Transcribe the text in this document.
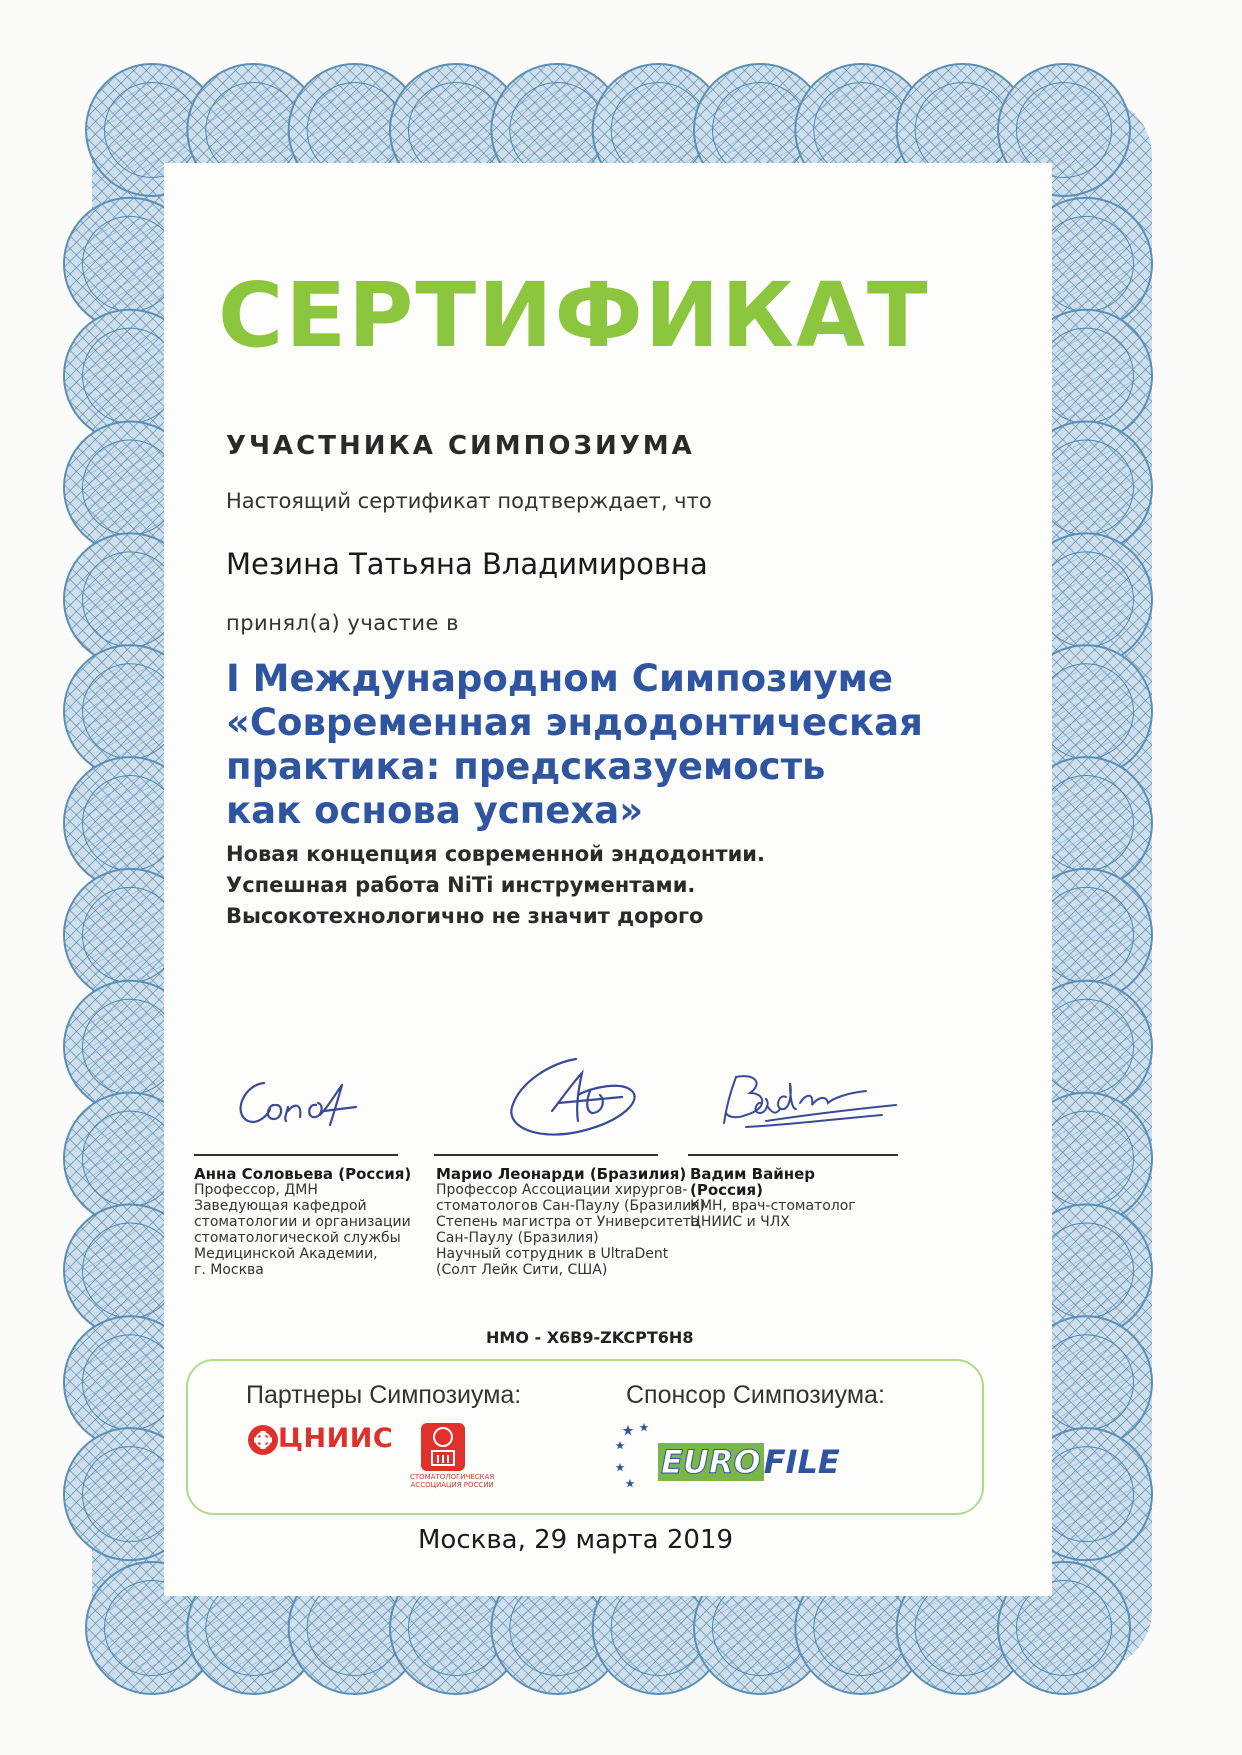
СЕРТИФИКАТ
УЧАСТНИКА СИМПОЗИУМА
Настоящий сертификат подтверждает, что
Мезина Татьяна Владимировна
принял(а) участие в
I Международном Симпозиуме
«Современная эндодонтическая
практика: предсказуемость
как основа успеха»
Новая концепция современной эндодонтии.
Успешная работа NiTi инструментами.
Высокотехнологично не значит дорого
Анна Соловьева (Россия)
Профессор, ДМН
Заведующая кафедрой
стоматологии и организации
стоматологической службы
Медицинской Академии,
г. Москва
Марио Леонарди (Бразилия)
Профессор Ассоциации хирургов-
стоматологов Сан-Паулу (Бразилия)
Степень магистра от Университета
Сан-Паулу (Бразилия)
Научный сотрудник в UltraDent
(Солт Лейк Сити, США)
Вадим Вайнер
(Россия)
КМН, врач-стоматолог
ЦНИИС и ЧЛХ
НМО - X6B9-ZKCPT6H8
Партнеры Симпозиума:	Спонсор Симпозиума:
ЦНИИС
СТОМАТОЛОГИЧЕСКАЯ
АССОЦИАЦИЯ РОССИИ
EUROFILE
Москва, 29 марта 2019
